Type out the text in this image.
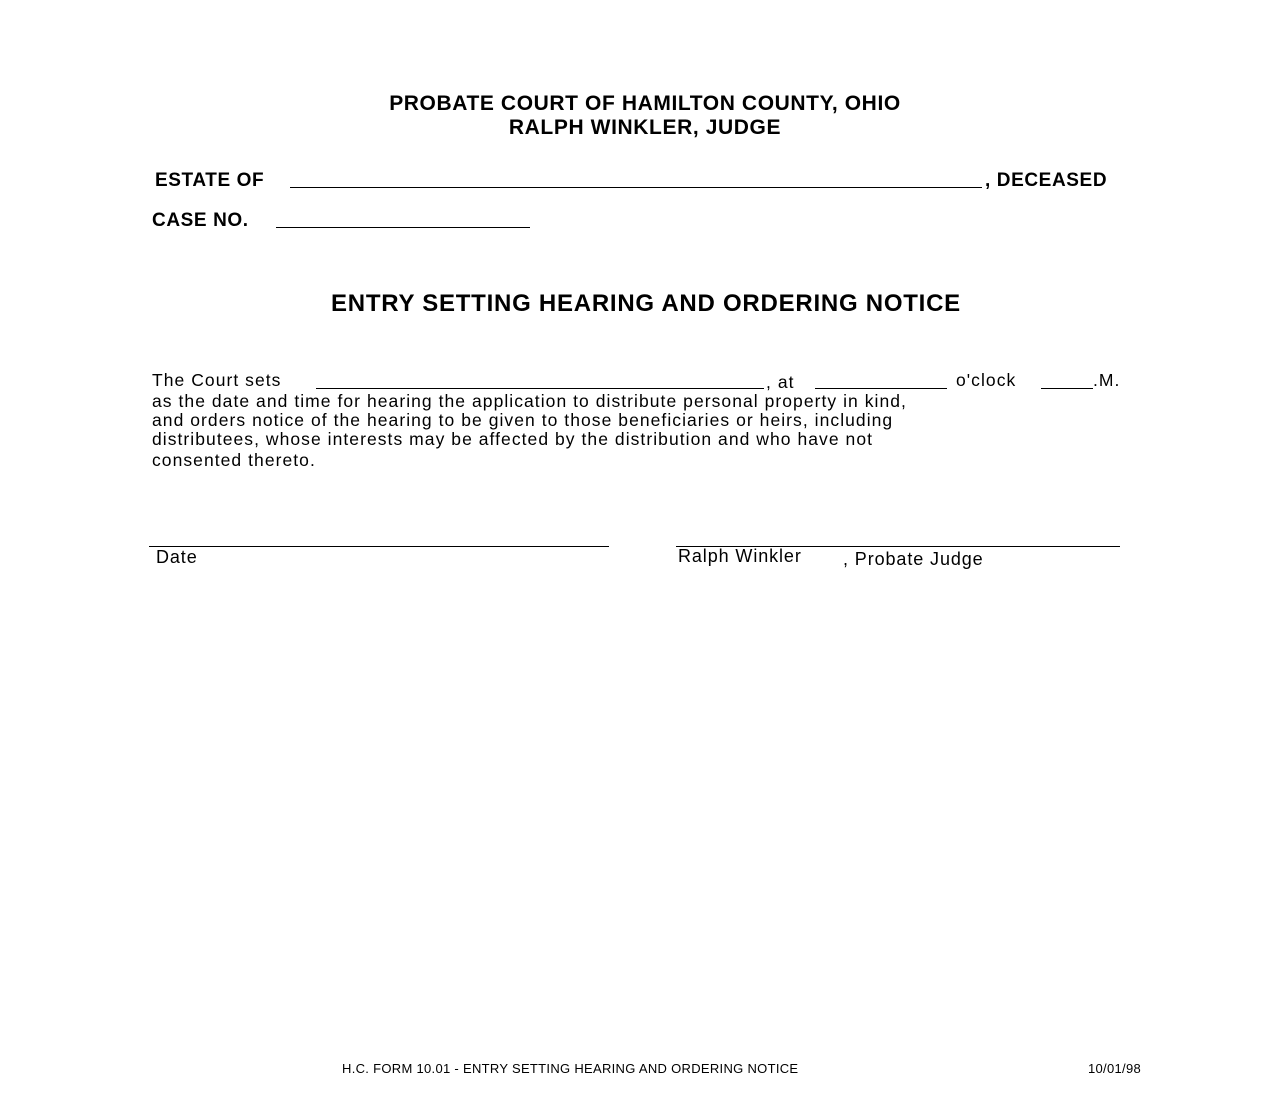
PROBATE COURT OF HAMILTON COUNTY, OHIO
RALPH WINKLER, JUDGE
ESTATE OF	, DECEASED
CASE NO.
ENTRY SETTING HEARING AND ORDERING NOTICE
The Court sets	, at	o'clock	.M.
as the date and time for hearing the application to distribute personal property in kind,
and orders notice of the hearing to be given to those beneficiaries or heirs, including
distributees, whose interests may be affected by the distribution and who have not
consented thereto.
Date	Ralph Winkler , Probate Judge
H.C. FORM 10.01 - ENTRY SETTING HEARING AND ORDERING NOTICE	10/01/98
